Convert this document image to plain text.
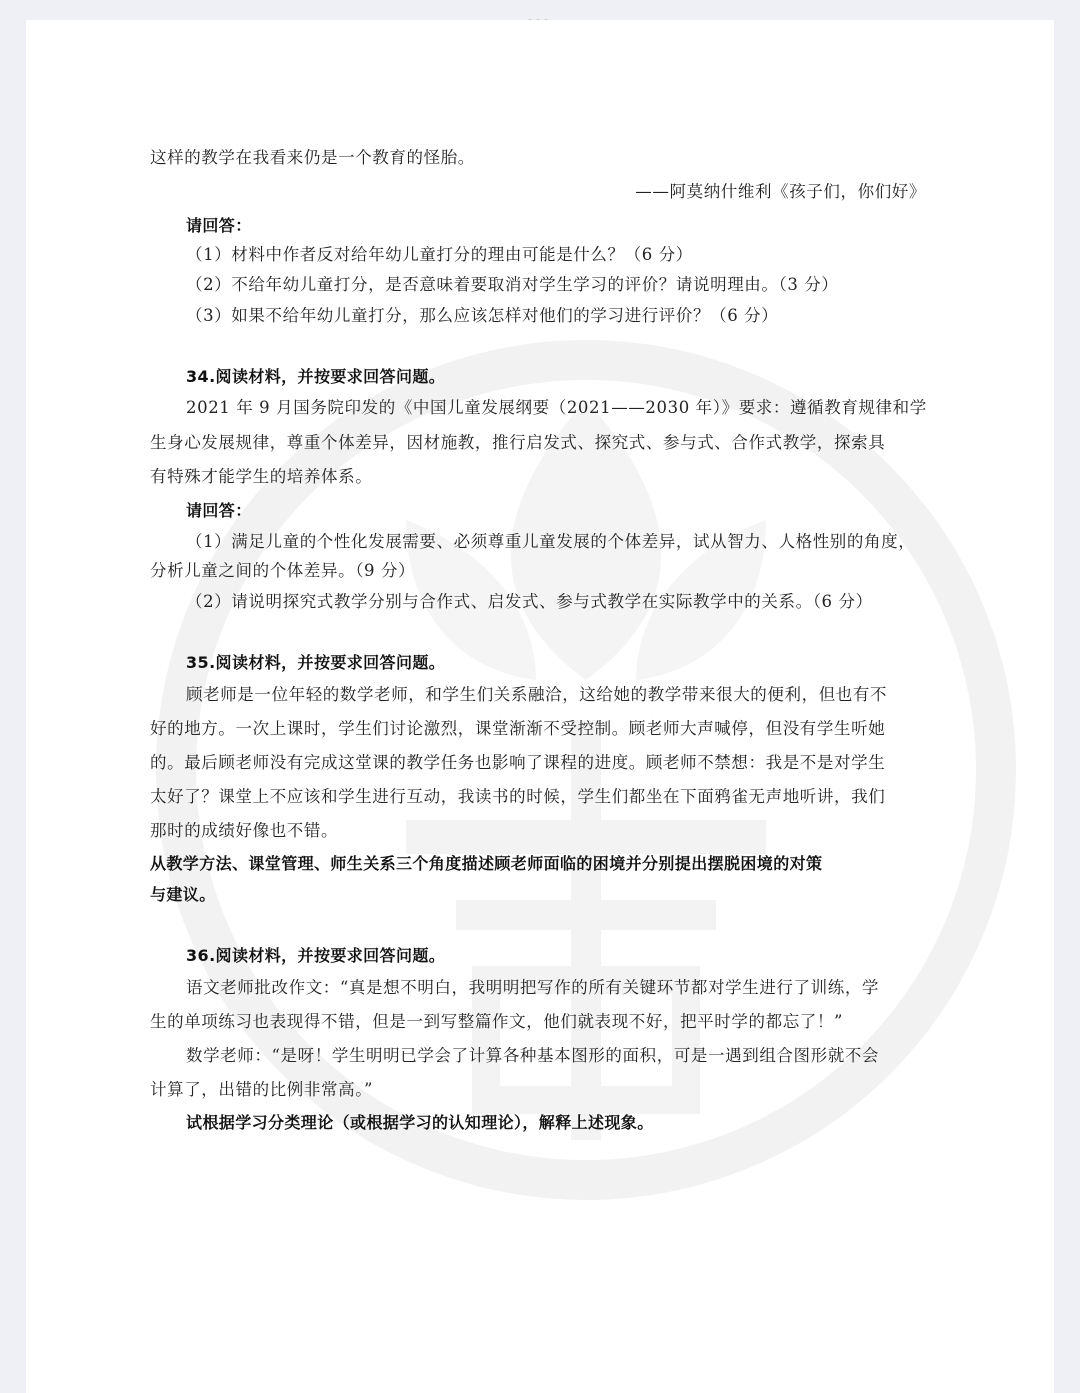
这样的教学在我看来仍是一个教育的怪胎。
——阿莫纳什维利《孩子们，你们好》
请回答：
（1）材料中作者反对给年幼儿童打分的理由可能是什么？（6 分）
（2）不给年幼儿童打分，是否意味着要取消对学生学习的评价？请说明理由。（3 分）
（3）如果不给年幼儿童打分，那么应该怎样对他们的学习进行评价？（6 分）
34.阅读材料，并按要求回答问题。
2021 年 9 月国务院印发的《中国儿童发展纲要（2021——2030 年）》要求：遵循教育规律和学
生身心发展规律，尊重个体差异，因材施教，推行启发式、探究式、参与式、合作式教学，探索具
有特殊才能学生的培养体系。
请回答：
（1）满足儿童的个性化发展需要、必须尊重儿童发展的个体差异，试从智力、人格性别的角度，
分析儿童之间的个体差异。（9 分）
（2）请说明探究式教学分别与合作式、启发式、参与式教学在实际教学中的关系。（6 分）
35.阅读材料，并按要求回答问题。
顾老师是一位年轻的数学老师，和学生们关系融洽，这给她的教学带来很大的便利，但也有不
好的地方。一次上课时，学生们讨论激烈，课堂渐渐不受控制。顾老师大声喊停，但没有学生听她
的。最后顾老师没有完成这堂课的教学任务也影响了课程的进度。顾老师不禁想：我是不是对学生
太好了？课堂上不应该和学生进行互动，我读书的时候，学生们都坐在下面鸦雀无声地听讲，我们
那时的成绩好像也不错。
从教学方法、课堂管理、师生关系三个角度描述顾老师面临的困境并分别提出摆脱困境的对策
与建议。
36.阅读材料，并按要求回答问题。
语文老师批改作文：“真是想不明白，我明明把写作的所有关键环节都对学生进行了训练，学
生的单项练习也表现得不错，但是一到写整篇作文，他们就表现不好，把平时学的都忘了！”
数学老师：“是呀！学生明明已学会了计算各种基本图形的面积，可是一遇到组合图形就不会
计算了，出错的比例非常高。”
试根据学习分类理论（或根据学习的认知理论），解释上述现象。
